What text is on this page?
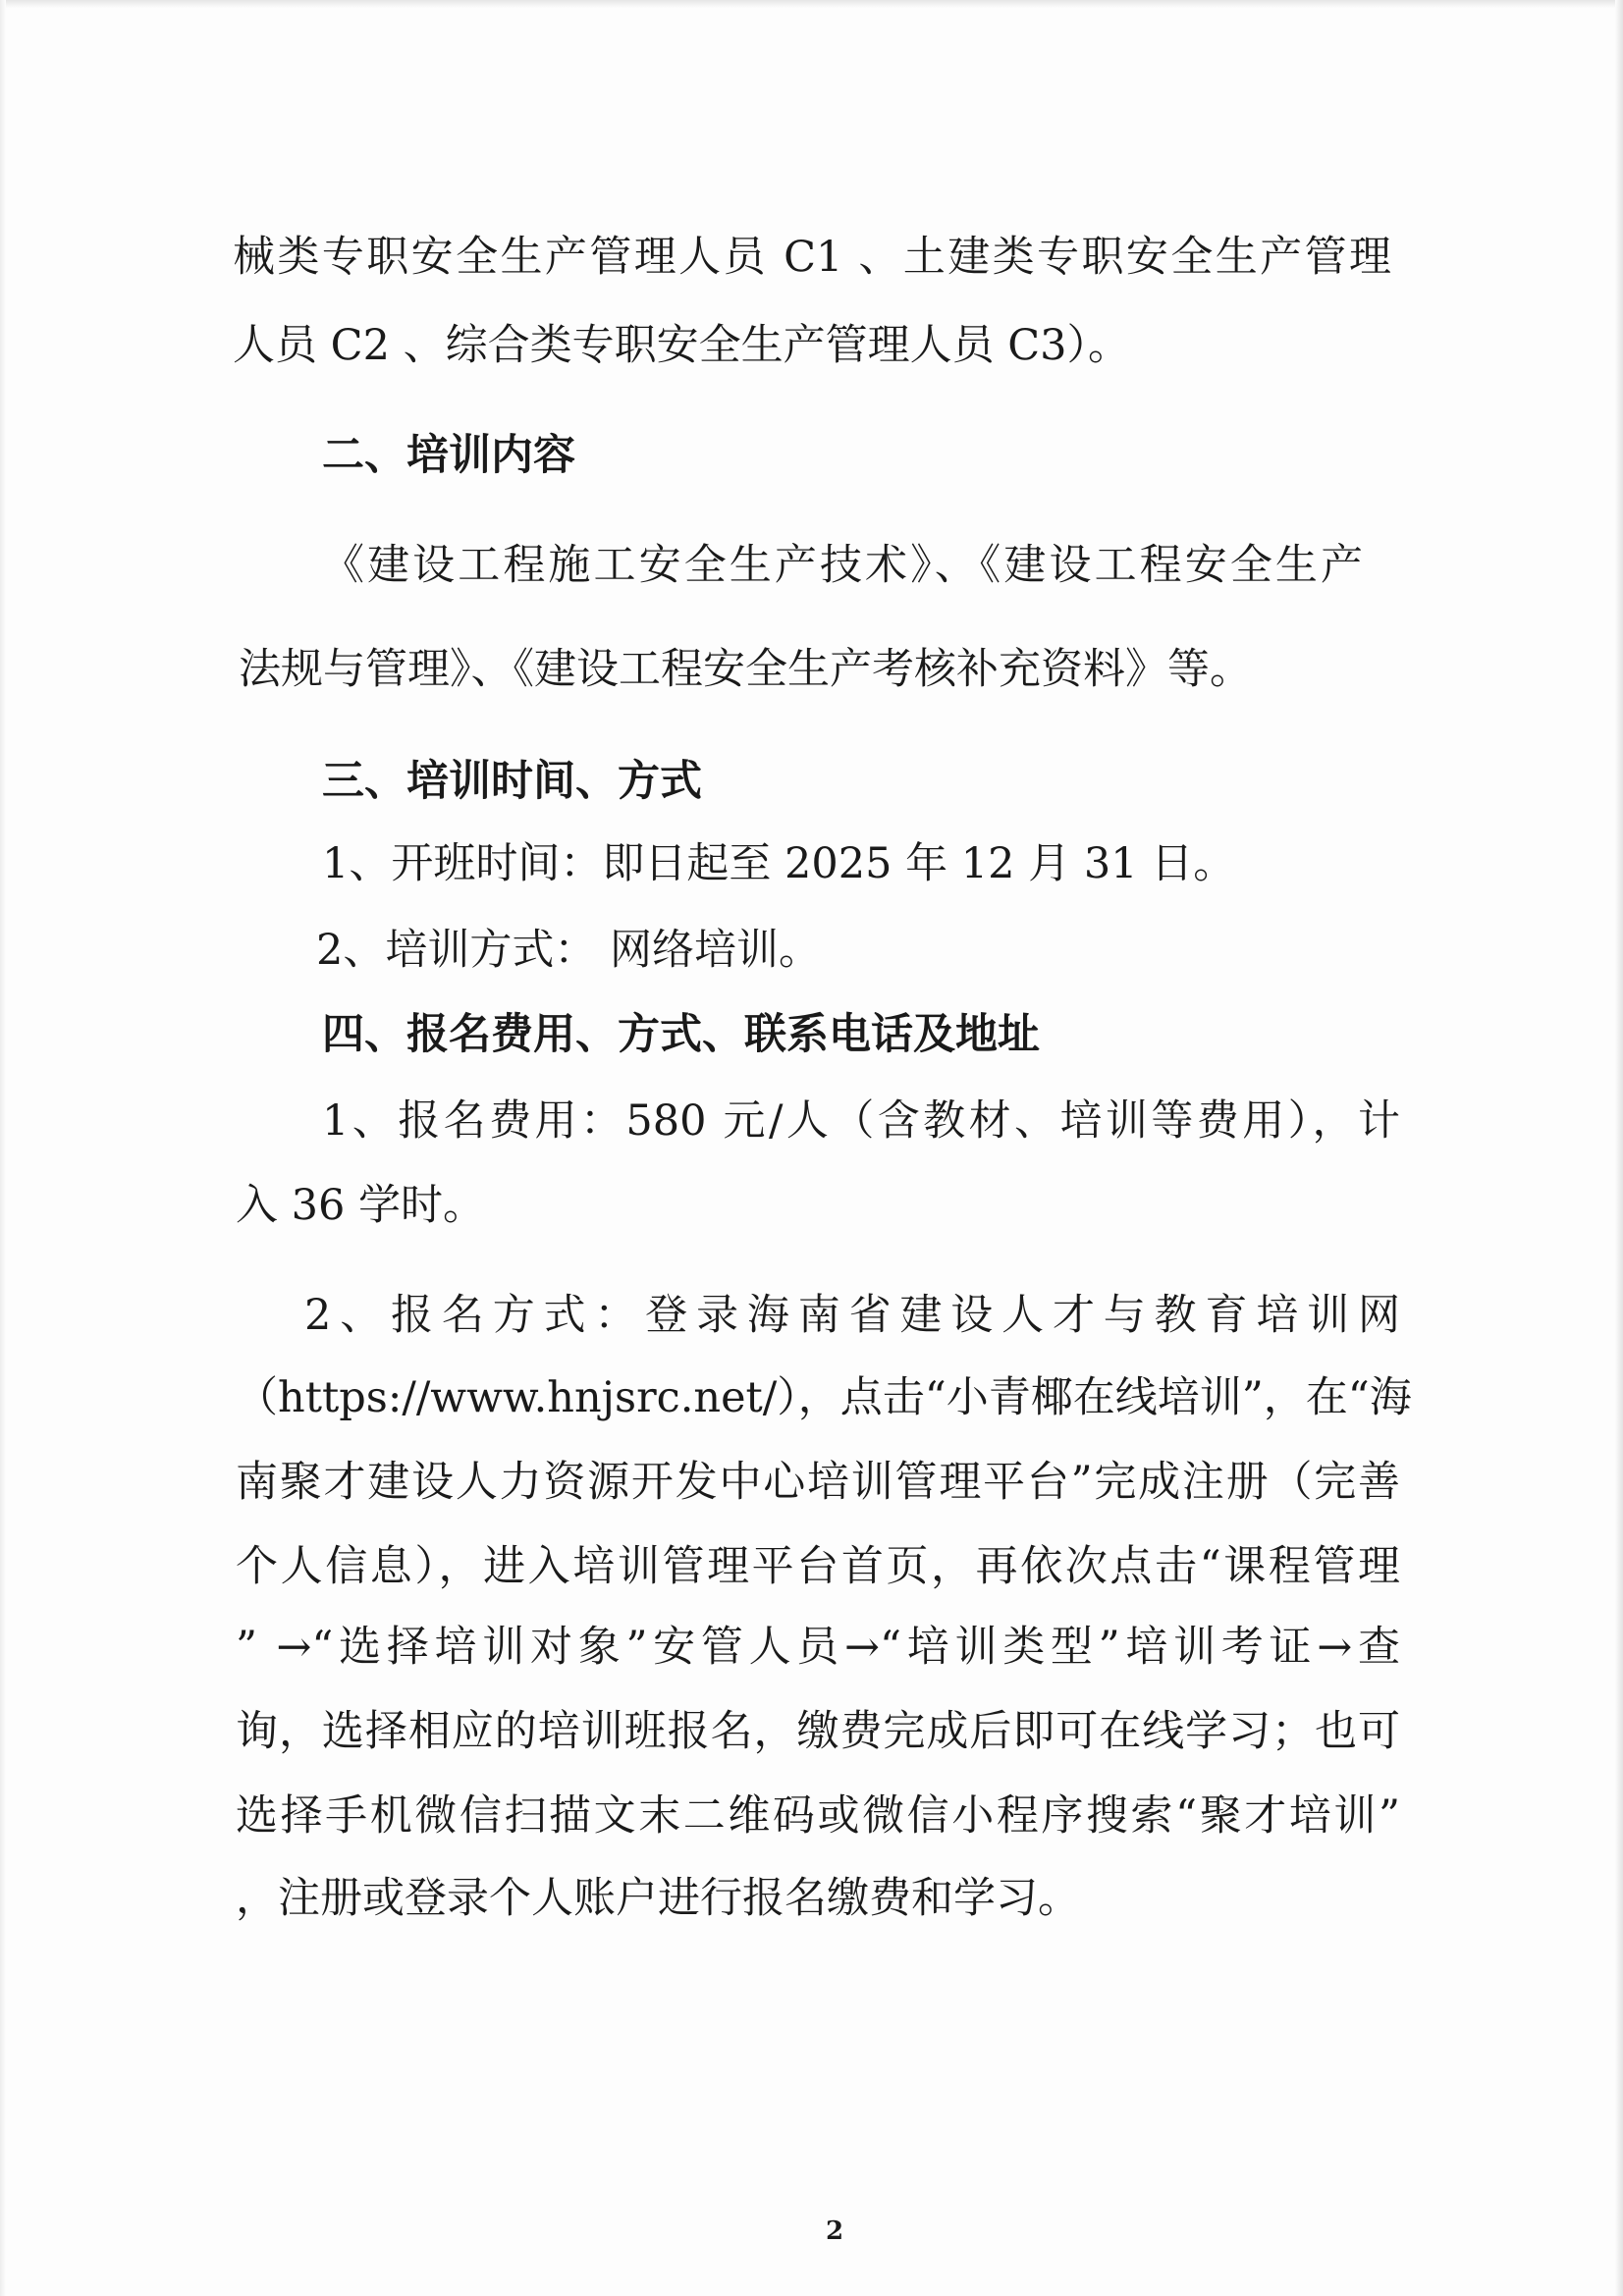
械类专职安全生产管理人员 C1 、土建类专职安全生产管理
人员 C2 、综合类专职安全生产管理人员 C3）。
二、培训内容
《建设工程施工安全生产技术》、《建设工程安全生产
法规与管理》、《建设工程安全生产考核补充资料》等。
三、培训时间、方式
1、开班时间：即日起至 2025 年 12 月 31 日。
2、培训方式： 网络培训。
四、报名费用、方式、联系电话及地址
1、报名费用：580 元/人（含教材、培训等费用），计
入 36 学时。
2、报名方式：登录海南省建设人才与教育培训网
（https://www.hnjsrc.net/），点击“小青椰在线培训”，在“海
南聚才建设人力资源开发中心培训管理平台”完成注册（完善
个人信息），进入培训管理平台首页，再依次点击“课程管理
” →“选择培训对象”安管人员→“培训类型”培训考证→查
询，选择相应的培训班报名，缴费完成后即可在线学习；也可
选择手机微信扫描文末二维码或微信小程序搜索“聚才培训”
，注册或登录个人账户进行报名缴费和学习。
2
